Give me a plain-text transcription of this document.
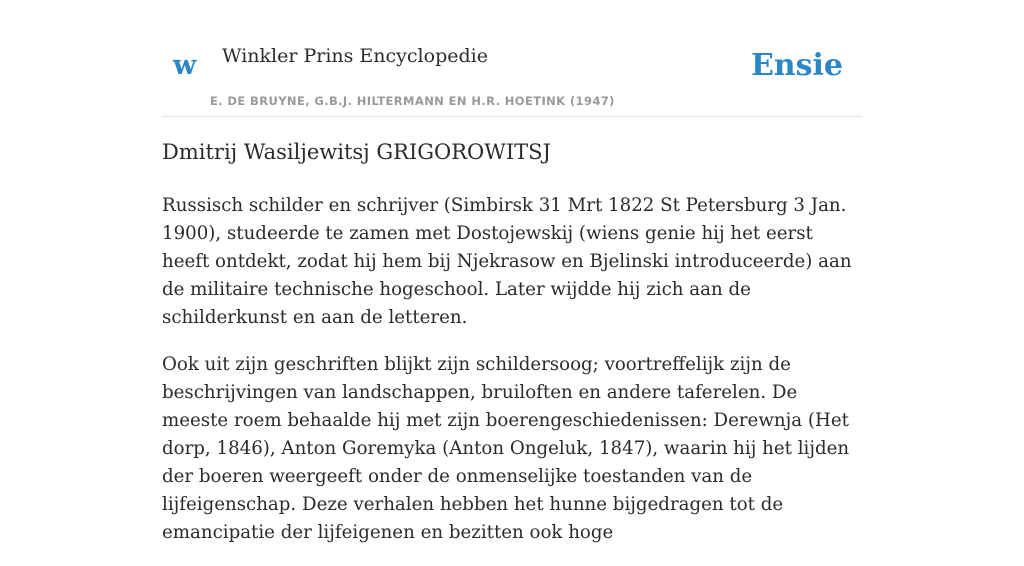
w Winkler Prins Encyclopedie
E. DE BRUYNE, G.B.J. HILTERMANN EN H.R. HOETINK (1947)
Ensie
Dmitrij Wasiljewitsj GRIGOROWITSJ

Russisch schilder en schrijver (Simbirsk 31 Mrt 1822 St Petersburg 3 Jan. 1900), studeerde te zamen met Dostojewskij (wiens genie hij het eerst heeft ontdekt, zodat hij hem bij Njekrasow en Bjelinski introduceerde) aan de militaire technische hogeschool. Later wijdde hij zich aan de schilderkunst en aan de letteren.

Ook uit zijn geschriften blijkt zijn schildersoog; voortreffelijk zijn de beschrijvingen van landschappen, bruiloften en andere taferelen. De meeste roem behaalde hij met zijn boerengeschiedenissen: Derewnja (Het dorp, 1846), Anton Goremyka (Anton Ongeluk, 1847), waarin hij het lijden der boeren weergeeft onder de onmenselijke toestanden van de lijfeigenschap. Deze verhalen hebben het hunne bijgedragen tot de emancipatie der lijfeigenen en bezitten ook hoge
